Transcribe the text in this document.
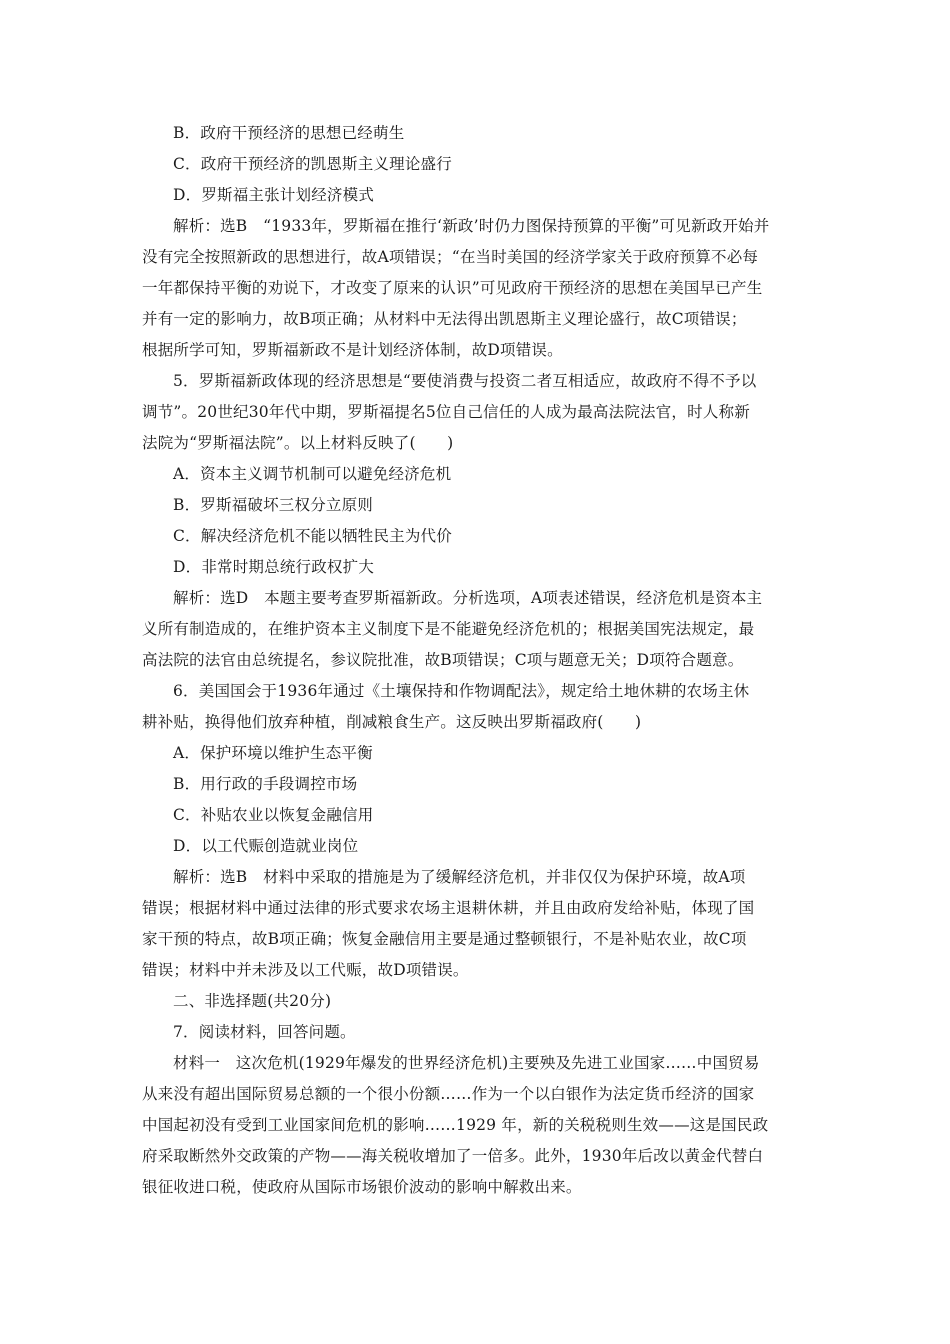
B．政府干预经济的思想已经萌生
C．政府干预经济的凯恩斯主义理论盛行
D．罗斯福主张计划经济模式
解析：选B　“1933年，罗斯福在推行‘新政’时仍力图保持预算的平衡”可见新政开始并
没有完全按照新政的思想进行，故A项错误；“在当时美国的经济学家关于政府预算不必每
一年都保持平衡的劝说下，才改变了原来的认识”可见政府干预经济的思想在美国早已产生
并有一定的影响力，故B项正确；从材料中无法得出凯恩斯主义理论盛行，故C项错误；
根据所学可知，罗斯福新政不是计划经济体制，故D项错误。
5．罗斯福新政体现的经济思想是“要使消费与投资二者互相适应，故政府不得不予以
调节”。20世纪30年代中期，罗斯福提名5位自己信任的人成为最高法院法官，时人称新
法院为“罗斯福法院”。以上材料反映了(　　)
A．资本主义调节机制可以避免经济危机
B．罗斯福破坏三权分立原则
C．解决经济危机不能以牺牲民主为代价
D．非常时期总统行政权扩大
解析：选D　本题主要考查罗斯福新政。分析选项，A项表述错误，经济危机是资本主
义所有制造成的，在维护资本主义制度下是不能避免经济危机的；根据美国宪法规定，最
高法院的法官由总统提名，参议院批准，故B项错误；C项与题意无关；D项符合题意。
6．美国国会于1936年通过《土壤保持和作物调配法》，规定给土地休耕的农场主休
耕补贴，换得他们放弃种植，削减粮食生产。这反映出罗斯福政府(　　)
A．保护环境以维护生态平衡
B．用行政的手段调控市场
C．补贴农业以恢复金融信用
D．以工代赈创造就业岗位
解析：选B　材料中采取的措施是为了缓解经济危机，并非仅仅为保护环境，故A项
错误；根据材料中通过法律的形式要求农场主退耕休耕，并且由政府发给补贴，体现了国
家干预的特点，故B项正确；恢复金融信用主要是通过整顿银行，不是补贴农业，故C项
错误；材料中并未涉及以工代赈，故D项错误。
二、非选择题(共20分)
7．阅读材料，回答问题。
材料一　这次危机(1929年爆发的世界经济危机)主要殃及先进工业国家……中国贸易
从来没有超出国际贸易总额的一个很小份额……作为一个以白银作为法定货币经济的国家
中国起初没有受到工业国家间危机的影响……1929 年，新的关税税则生效——这是国民政
府采取断然外交政策的产物——海关税收增加了一倍多。此外，1930年后改以黄金代替白
银征收进口税，使政府从国际市场银价波动的影响中解救出来。
